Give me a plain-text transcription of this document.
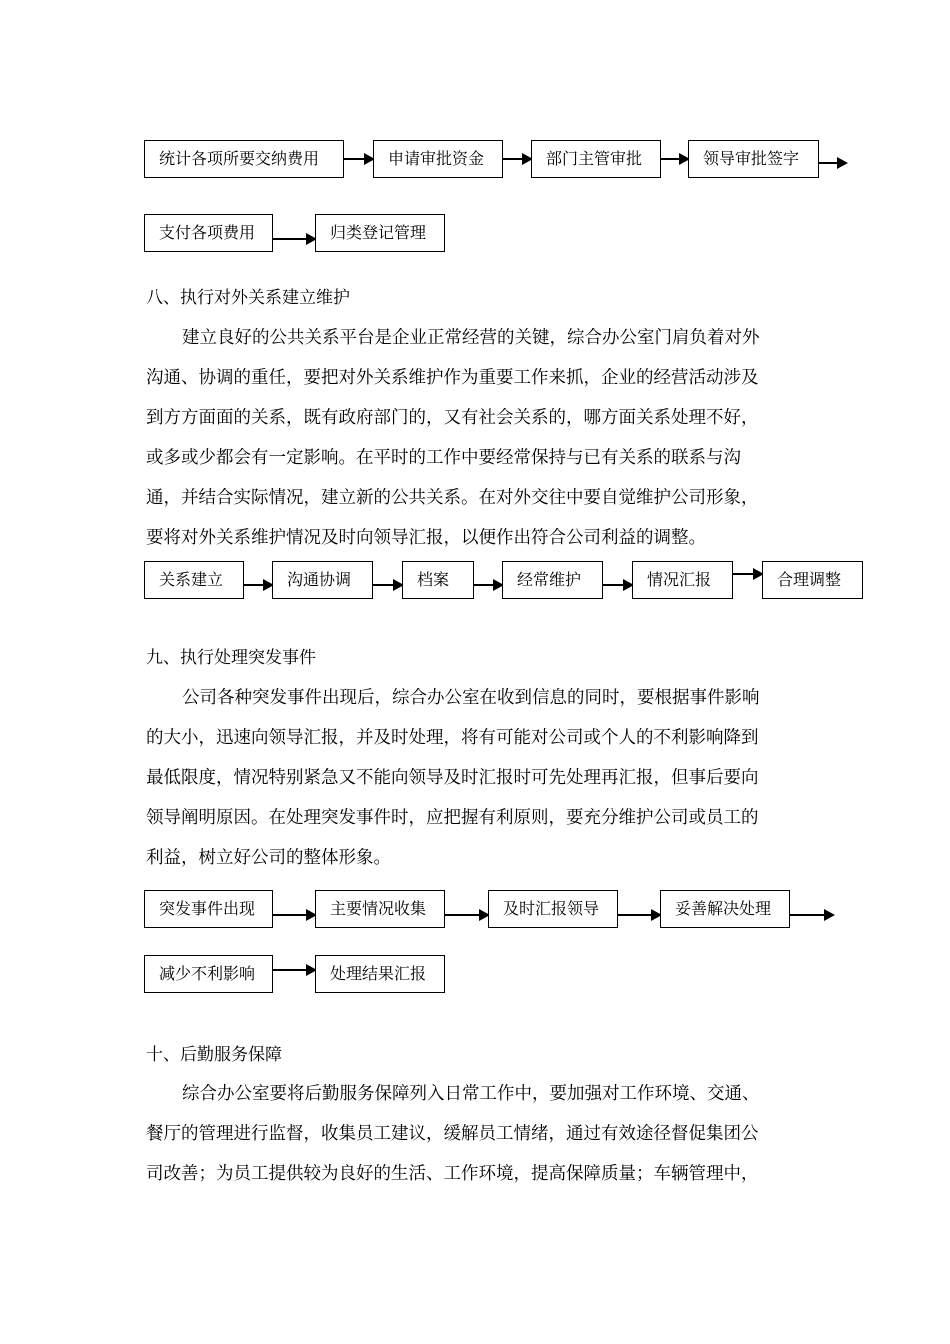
统计各项所要交纳费用	申请审批资金	部门主管审批	领导审批签字
支付各项费用	归类登记管理
八、执行对外关系建立维护
建立良好的公共关系平台是企业正常经营的关键，综合办公室门肩负着对外
沟通、协调的重任，要把对外关系维护作为重要工作来抓，企业的经营活动涉及
到方方面面的关系，既有政府部门的，又有社会关系的，哪方面关系处理不好，
或多或少都会有一定影响。在平时的工作中要经常保持与已有关系的联系与沟
通，并结合实际情况，建立新的公共关系。在对外交往中要自觉维护公司形象，
要将对外关系维护情况及时向领导汇报，以便作出符合公司利益的调整。
关系建立	沟通协调	档案	经常维护	情况汇报	合理调整
九、执行处理突发事件
公司各种突发事件出现后，综合办公室在收到信息的同时，要根据事件影响
的大小，迅速向领导汇报，并及时处理，将有可能对公司或个人的不利影响降到
最低限度，情况特别紧急又不能向领导及时汇报时可先处理再汇报，但事后要向
领导阐明原因。在处理突发事件时，应把握有利原则，要充分维护公司或员工的
利益，树立好公司的整体形象。
突发事件出现	主要情况收集	及时汇报领导	妥善解决处理
减少不利影响	处理结果汇报
十、后勤服务保障
综合办公室要将后勤服务保障列入日常工作中，要加强对工作环境、交通、
餐厅的管理进行监督，收集员工建议，缓解员工情绪，通过有效途径督促集团公
司改善；为员工提供较为良好的生活、工作环境，提高保障质量；车辆管理中，
